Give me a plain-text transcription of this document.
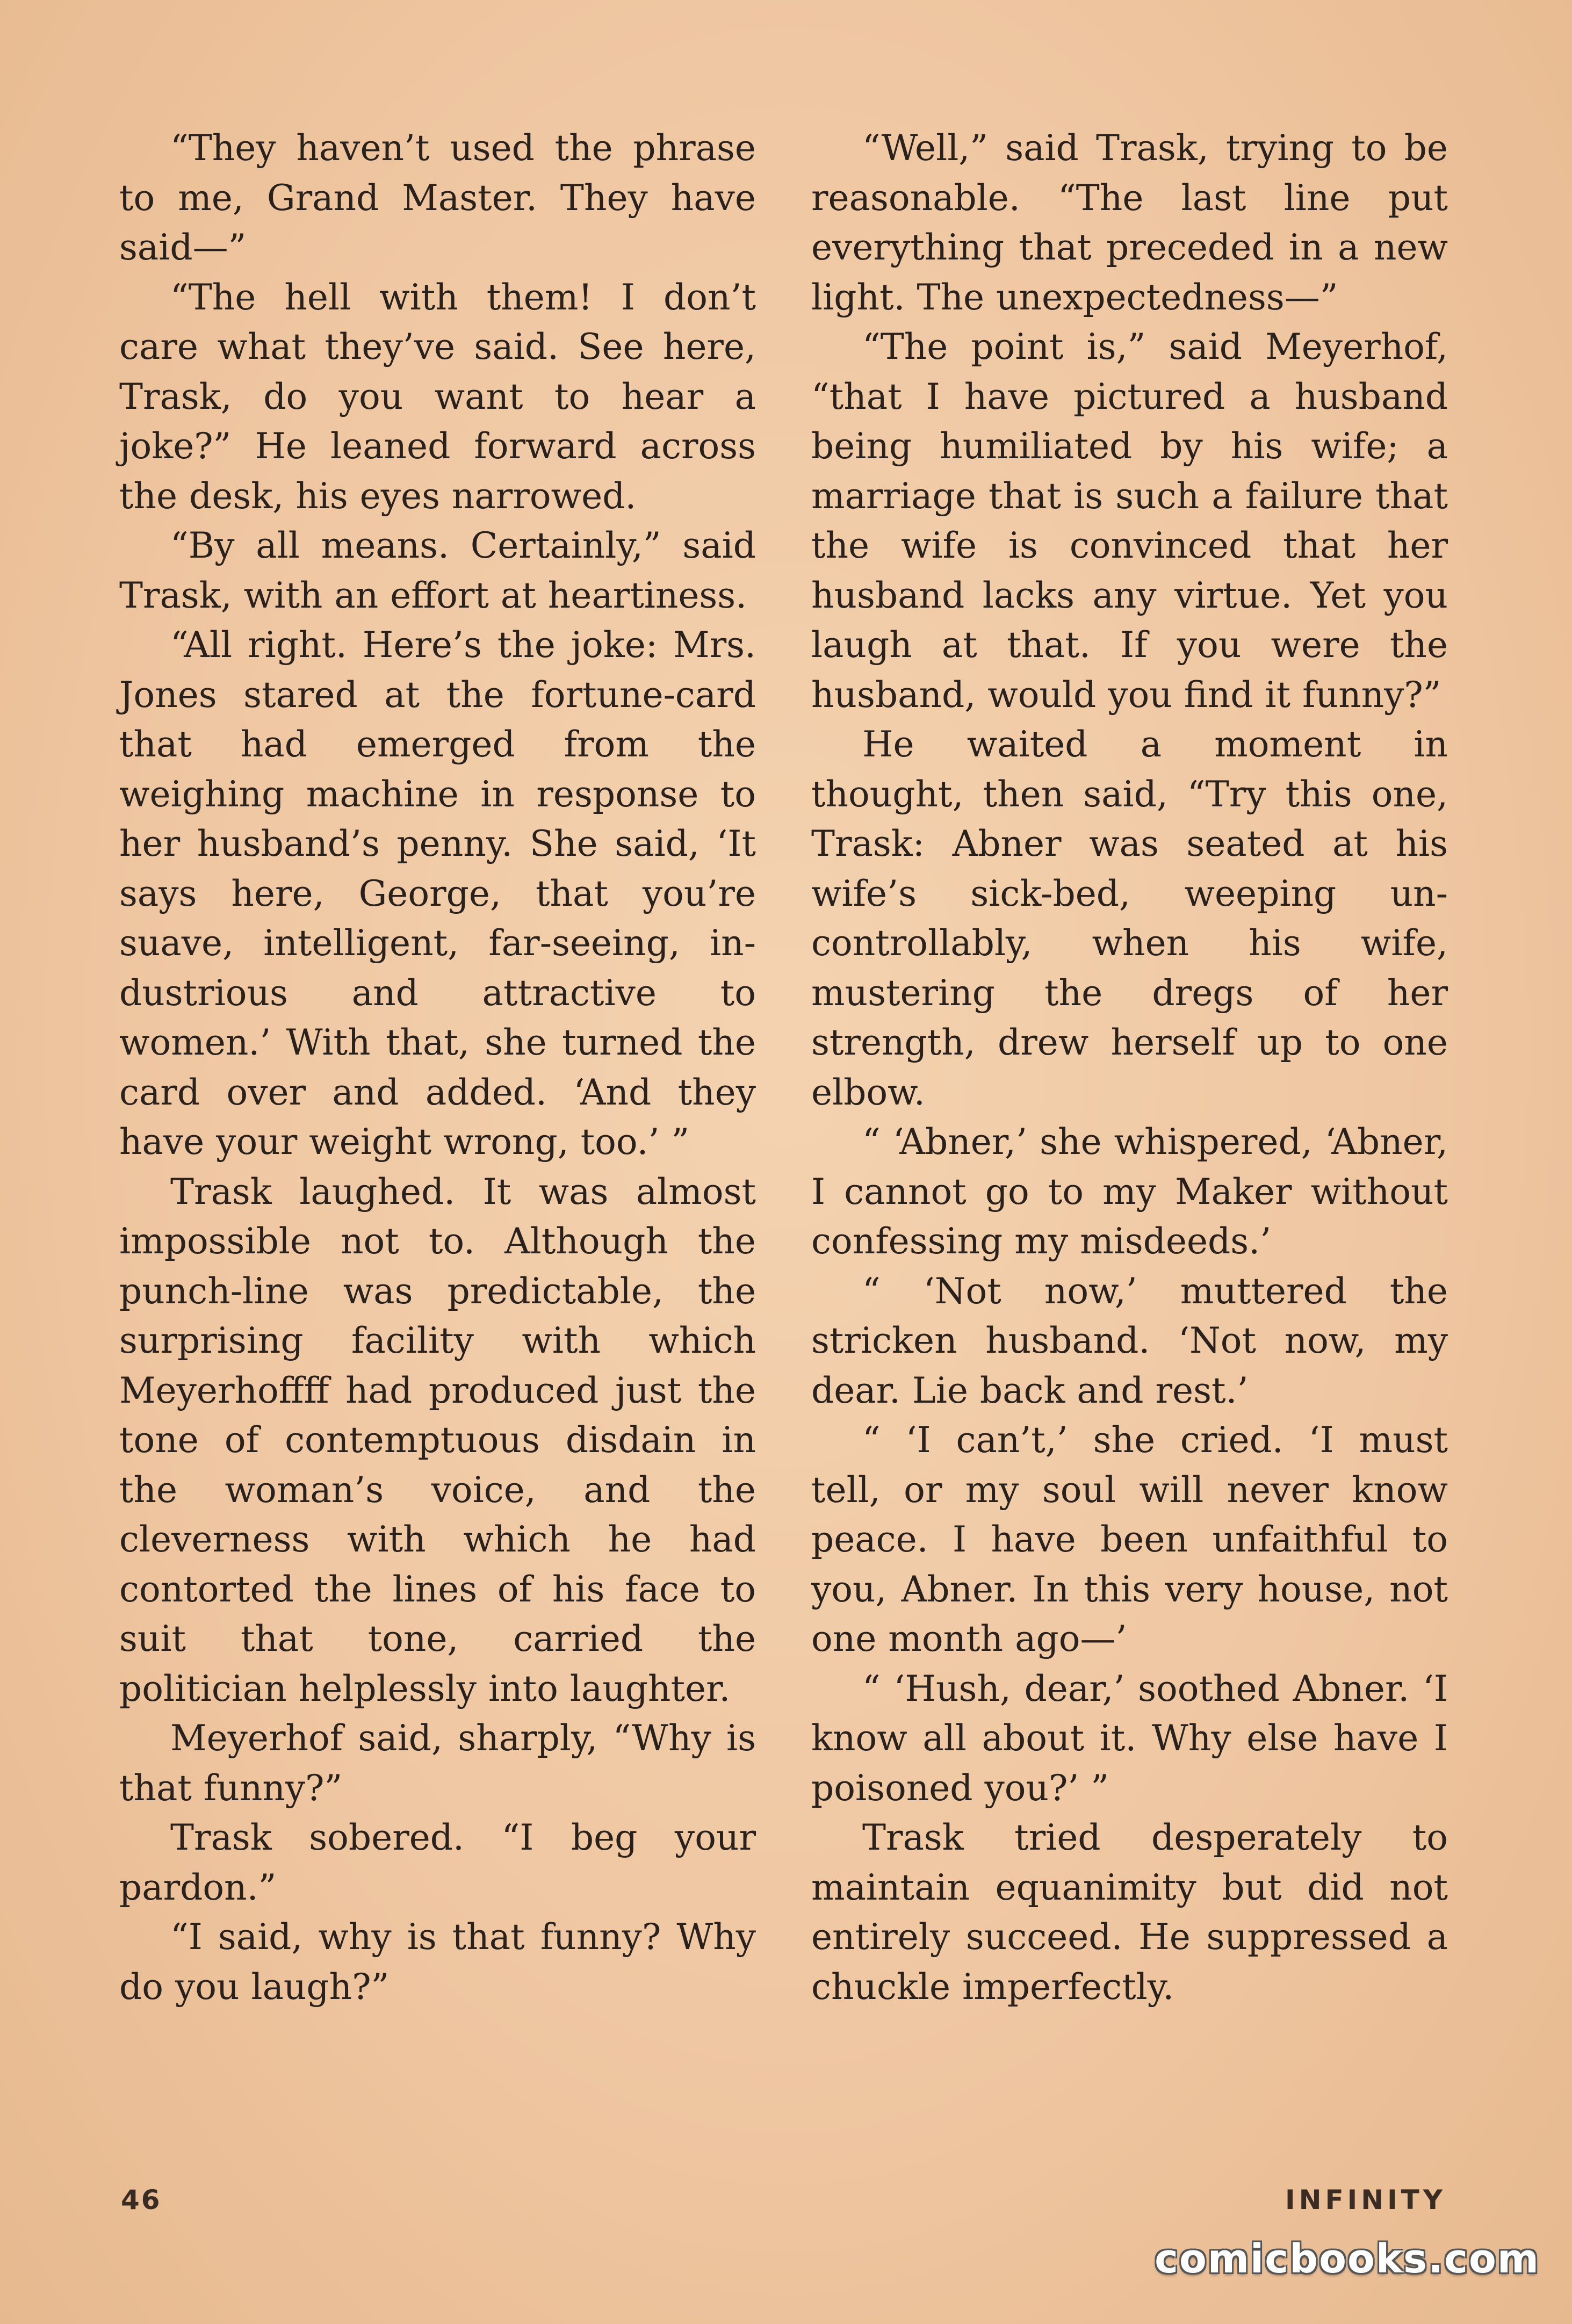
“They haven’t used the phrase to me, Grand Master. They have said—”

“The hell with them! I don’t care what they’ve said. See here, Trask, do you want to hear a joke?” He leaned forward across the desk, his eyes narrowed.

“By all means. Certainly,” said Trask, with an effort at heartiness.

“All right. Here’s the joke: Mrs. Jones stared at the fortune-card that had emerged from the weighing machine in response to her husband’s penny. She said, ‘It says here, George, that you’re suave, intelligent, far-seeing, industrious and attractive to women.’ With that, she turned the card over and added. ‘And they have your weight wrong, too.’ ”

Trask laughed. It was almost impossible not to. Although the punch-line was predictable, the surprising facility with which Meyerhoffff had produced just the tone of contemptuous disdain in the woman’s voice, and the cleverness with which he had contorted the lines of his face to suit that tone, carried the politician helplessly into laughter.

Meyerhof said, sharply, “Why is that funny?”

Trask sobered. “I beg your pardon.”

“I said, why is that funny? Why do you laugh?”

“Well,” said Trask, trying to be reasonable. “The last line put everything that preceded in a new light. The unexpectedness—”

“The point is,” said Meyerhof, “that I have pictured a husband being humiliated by his wife; a marriage that is such a failure that the wife is convinced that her husband lacks any virtue. Yet you laugh at that. If you were the husband, would you find it funny?”

He waited a moment in thought, then said, “Try this one, Trask: Abner was seated at his wife’s sick-bed, weeping uncontrollably, when his wife, mustering the dregs of her strength, drew herself up to one elbow.

“ ‘Abner,’ she whispered, ‘Abner, I cannot go to my Maker without confessing my misdeeds.’

“ ‘Not now,’ muttered the stricken husband. ‘Not now, my dear. Lie back and rest.’

“ ‘I can’t,’ she cried. ‘I must tell, or my soul will never know peace. I have been unfaithful to you, Abner. In this very house, not one month ago—’

“ ‘Hush, dear,’ soothed Abner. ‘I know all about it. Why else have I poisoned you?’ ”

Trask tried desperately to maintain equanimity but did not entirely succeed. He suppressed a chuckle imperfectly.

46	INFINITY
comicbooks.com
